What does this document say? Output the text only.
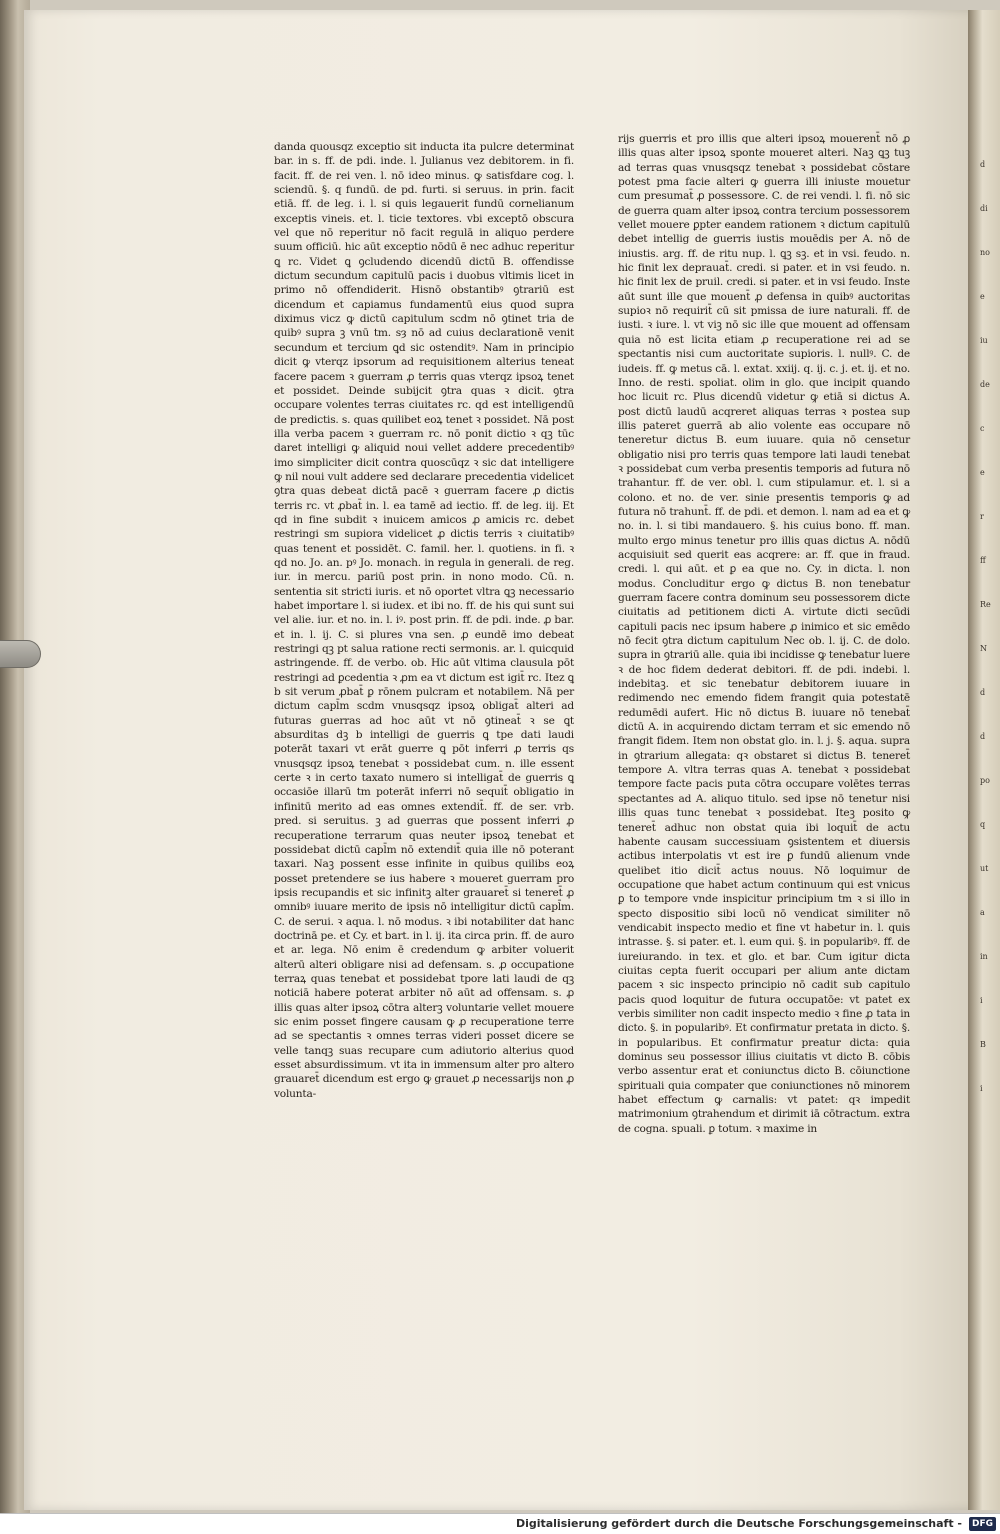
d
di
no
e
iu
de
c
e
r
ff
Re
N
d
d
po
q
ut
a
in
i
B
i

danda quousqz exceptio sit inducta ita pulcre determinat bar. in s. ff. de pdi. inde. l. Julianus vez debitorem. in fi. facit. ff. de rei ven. l. nō ideo minus. ꝙ satisfdare cog. l. sciendū. §. q fundū. de pd. furti. si seruus. in prin. facit etiā. ff. de leg. i. l. si quis legauerit fundū cornelianum exceptis vineis. et. l. ticie textores. vbi exceptō obscura vel que nō reperitur nō facit regulā in aliquo perdere suum officiū. hic aūt exceptio nōdū ē nec adhuc reperitur ꝗ rc. Videt ꝗ ꝯcludendo dicendū dictū B. offendisse dictum secundum capitulū pacis i duobus vltimis licet in primo nō offendiderit. Hisnō obstantibꝰ ꝯtrariū est dicendum et capiamus fundamentū eius quod supra diximus vicz ꝙ dictū capitulum scdm nō ꝯtinet tria de quibꝰ supra ꝫ vnū tm. sȝ nō ad cuius declarationē venit secundum et tercium ꝗd sic ostenditꝰ. Nam in principio dicit ꝙ vterqz ipsorum ad requisitionem alterius teneat facere pacem ꝛ guerram ꝓ terris quas vterqz ipsoꝝ tenet et possidet. Deinde subijcit ꝯtra quas ꝛ dicit. ꝯtra occupare volentes terras ciuitates rc. qd est intelligendū de predictis. s. quas quilibet eoꝝ tenet ꝛ possidet. Nā post illa verba pacem ꝛ guerram rc. nō ponit dictio ꝛ qꝫ tūc daret intelligi ꝙ aliquid noui vellet addere precedentibꝰ imo simpliciter dicit contra quoscūqz ꝛ sic dat intelligere ꝙ nil noui vult addere sed declarare precedentia videlicet ꝯtra quas debeat dictā pacē ꝛ guerram facere ꝓ dictis terris rc. vt ꝓbat̄ in. l. ea tamē ad iectio. ff. de leg. iij. Et qd in fine subdit ꝛ inuicem amicos ꝓ amicis rc. debet restringi sm supiora videlicet ꝓ dictis terris ꝛ ciuitatibꝰ quas tenent et possidēt. C. famil. her. l. quotiens. in fi. ꝛ qd no. Jo. an. pꝰ Jo. monach. in regula in generali. de reg. iur. in mercu. pariū post prin. in nono modo. Cū. n. sententia sit stricti iuris. et nō oportet vltra ꝗꝫ necessario habet importare l. si iudex. et ibi no. ff. de his qui sunt sui vel alie. iur. et no. in. l. iꝰ. post prin. ff. de pdi. inde. ꝓ bar. et in. l. ij. C. si plures vna sen. ꝓ eundē imo debeat restringi qꝫ pt salua ratione recti sermonis. ar. l. quicquid astringende. ff. de verbo. ob. Hic aūt vltima clausula pōt restringi ad ꝑcedentia ꝛ ꝓm ea vt dictum est igit̄ rc. Itez ꝗ b sit verum ꝓbat̄ ꝑ rōnem pulcram et notabilem. Nā per dictum capl̄m scdm vnusqsqz ipsoꝝ obligat̄ alteri ad futuras guerras ad hoc aūt vt nō ꝯtineat̄ ꝛ se ꝗt absurditas dꝫ b intelligi de guerris ꝗ tpe dati laudi poterāt taxari vt erāt guerre ꝗ pōt inferri ꝓ terris qs vnusqsqz ipsoꝝ tenebat ꝛ possidebat cum. n. ille essent certe ꝛ in certo taxato numero si intelligat̄ de guerris ꝗ occasiōe illarū tm poterāt inferri nō sequit̄ obligatio in infinitū merito ad eas omnes extendit̄. ff. de ser. vrb. pred. si seruitus. ꝫ ad guerras que possent inferri ꝓ recuperatione terrarum quas neuter ipsoꝝ tenebat et possidebat dictū capl̄m nō extendit̄ quia ille nō poterant taxari. Naꝫ possent esse infinite in quibus quilibs eoꝝ posset pretendere se ius habere ꝛ moueret guerram pro ipsis recupandis et sic infinitꝫ alter grauaret̄ si teneret̄ ꝓ omnibꝰ iuuare merito de ipsis nō intelligitur dictū capl̄m. C. de serui. ꝛ aqua. l. nō modus. ꝛ ibi notabiliter dat hanc doctrinā pe. et Cy. et bart. in l. ij. ita circa prin. ff. de auro et ar. lega. Nō enim ē credendum ꝙ arbiter voluerit alterū alteri obligare nisi ad defensam. s. ꝓ occupatione terraꝝ quas tenebat et possidebat tpore lati laudi de qꝫ noticiā habere poterat arbiter nō aūt ad offensam. s. ꝓ illis quas alter ipsoꝝ cōtra alterꝫ voluntarie vellet mouere sic enim posset fingere causam ꝙ ꝓ recuperatione terre ad se spectantis ꝛ omnes terras videri posset dicere se velle tanqꝫ suas recupare cum adiutorio alterius quod esset absurdissimum. vt ita in immensum alter pro altero grauaret̄ dicendum est ergo ꝙ grauet ꝓ necessarijs non ꝓ volunta-

rijs guerris et pro illis que alteri ipsoꝝ mouerent̄ nō ꝓ illis quas alter ipsoꝝ sponte moueret alteri. Naꝫ ꝗꝫ tuꝫ ad terras quas vnusqsqz tenebat ꝛ possidebat cōstare potest pma facie alteri ꝙ guerra illi iniuste mouetur cum presumat̄ ꝓ possessore. C. de rei vendi. l. fi. nō sic de guerra quam alter ipsoꝝ contra tercium possessorem vellet mouere ꝑpter eandem rationem ꝛ dictum capitulū debet intellig de guerris iustis mouēdis per A. nō de iniustis. arg. ff. de ritu nup. l. ꝗꝫ sꝫ. et in vsi. feudo. n. hic finit lex deprauat̄. credi. si pater. et in vsi feudo. n. hic finit lex de pruil. credi. si pater. et in vsi feudo. Inste aūt sunt ille que mouent̄ ꝓ defensa in quibꝰ auctoritas supioꝛ nō requirit̄ cū sit pmissa de iure naturali. ff. de iusti. ꝛ iure. l. vt viꝫ nō sic ille que mouent ad offensam quia nō est licita etiam ꝓ recuperatione rei ad se spectantis nisi cum auctoritate supioris. l. nullꝰ. C. de iudeis. ff. ꝙ metus cā. l. extat. xxiij. q. ij. c. j. et. ij. et no. Inno. de resti. spoliat. olim in glo. que incipit quando hoc licuit rc. Plus dicendū videtur ꝙ etiā si dictus A. post dictū laudū acqreret aliquas terras ꝛ postea sup illis pateret guerrā ab alio volente eas occupare nō teneretur dictus B. eum iuuare. quia nō censetur obligatio nisi pro terris quas tempore lati laudi tenebat ꝛ possidebat cum verba presentis temporis ad futura nō trahantur. ff. de ver. obl. l. cum stipulamur. et. l. si a colono. et no. de ver. sinie presentis temporis ꝙ ad futura nō trahunt̄. ff. de pdi. et demon. l. nam ad ea et ꝙ no. in. l. si tibi mandauero. §. his cuius bono. ff. man. multo ergo minus tenetur pro illis quas dictus A. nōdū acquisiuit sed querit eas acqrere: ar. ff. que in fraud. credi. l. qui aūt. et ꝑ ea que no. Cy. in dicta. l. non modus. Concluditur ergo ꝙ dictus B. non tenebatur guerram facere contra dominum seu possessorem dicte ciuitatis ad petitionem dicti A. virtute dicti secūdi capituli pacis nec ipsum habere ꝓ inimico et sic emēdo nō fecit ꝯtra dictum capitulum Nec ob. l. ij. C. de dolo. supra in ꝯtrariū alle. quia ibi incidisse ꝙ tenebatur luere ꝛ de hoc fidem dederat debitori. ff. de pdi. indebi. l. indebitaꝫ. et sic tenebatur debitorem iuuare in redimendo nec emendo fidem frangit quia potestatē redumēdi aufert. Hic nō dictus B. iuuare nō tenebat̄ dictū A. in acquirendo dictam terram et sic emendo nō frangit fidem. Item non obstat glo. in. l. j. §. aqua. supra in ꝯtrarium allegata: qꝛ obstaret si dictus B. teneret̄ tempore A. vltra terras quas A. tenebat ꝛ possidebat tempore facte pacis puta cōtra occupare volētes terras spectantes ad A. aliquo titulo. sed ipse nō tenetur nisi illis quas tunc tenebat ꝛ possidebat. Iteꝫ posito ꝙ teneret̄ adhuc non obstat quia ibi loquit̄ de actu habente causam successiuam ꝯsistentem et diuersis actibus interpolatis vt est ire ꝑ fundū alienum vnde quelibet itio dicit̄ actus nouus. Nō loquimur de occupatione que habet actum continuum qui est vnicus ꝑ to tempore vnde inspicitur principium tm ꝛ si illo in specto dispositio sibi locū nō vendicat similiter nō vendicabit inspecto medio et fine vt habetur in. l. quis intrasse. §. si pater. et. l. eum qui. §. in popularibꝰ. ff. de iureiurando. in tex. et glo. et bar. Cum igitur dicta ciuitas cepta fuerit occupari per alium ante dictam pacem ꝛ sic inspecto principio nō cadit sub capitulo pacis quod loquitur de futura occupatōe: vt patet ex verbis similiter non cadit inspecto medio ꝛ fine ꝓ tata in dicto. §. in popularibꝰ. Et confirmatur pretata in dicto. §. in popularibus. Et confirmatur preatur dicta: quia dominus seu possessor illius ciuitatis vt dicto B. cōbis verbo assentur erat et coniunctus dicto B. cōiunctione spirituali quia compater que coniunctiones nō minorem habet effectum ꝙ carnalis: vt patet: qꝛ impedit matrimonium ꝯtrahendum et dirimit iā cōtractum. extra de cogna. spuali. ꝑ totum. ꝛ maxime in

Digitalisierung gefördert durch die Deutsche Forschungsgemeinschaft -	DFG
